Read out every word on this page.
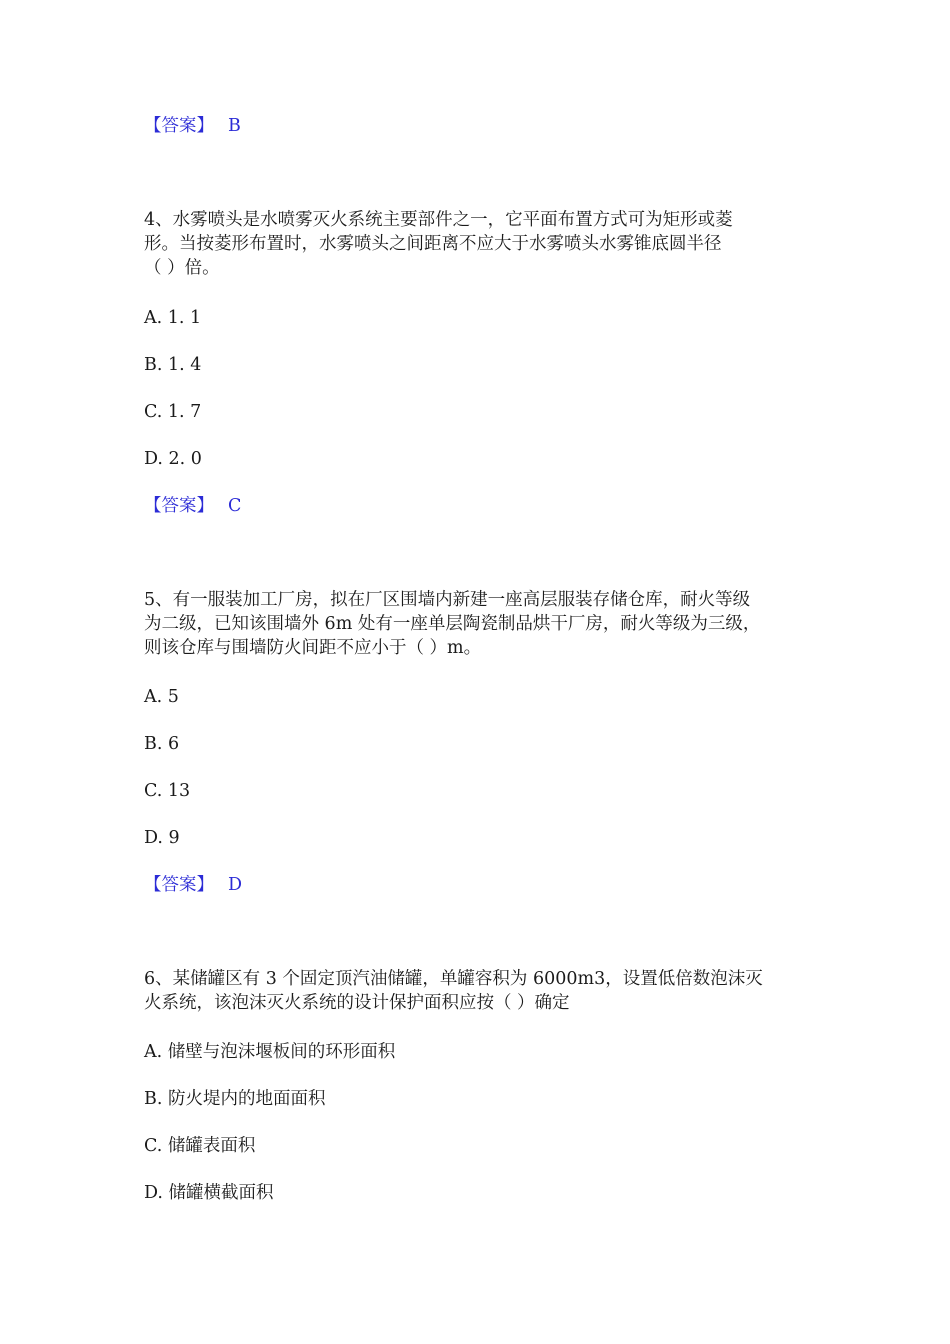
【答案】 B
4、水雾喷头是水喷雾灭火系统主要部件之一，它平面布置方式可为矩形或菱
形。当按菱形布置时，水雾喷头之间距离不应大于水雾喷头水雾锥底圆半径
（ ）倍。
A. 1. 1
B. 1. 4
C. 1. 7
D. 2. 0
【答案】 C
5、有一服装加工厂房，拟在厂区围墙内新建一座高层服装存储仓库，耐火等级
为二级，已知该围墙外 6m 处有一座单层陶瓷制品烘干厂房，耐火等级为三级，
则该仓库与围墙防火间距不应小于（ ）m。
A. 5
B. 6
C. 13
D. 9
【答案】 D
6、某储罐区有 3 个固定顶汽油储罐，单罐容积为 6000m3，设置低倍数泡沫灭
火系统，该泡沫灭火系统的设计保护面积应按（ ）确定
A. 储壁与泡沫堰板间的环形面积
B. 防火堤内的地面面积
C. 储罐表面积
D. 储罐横截面积
